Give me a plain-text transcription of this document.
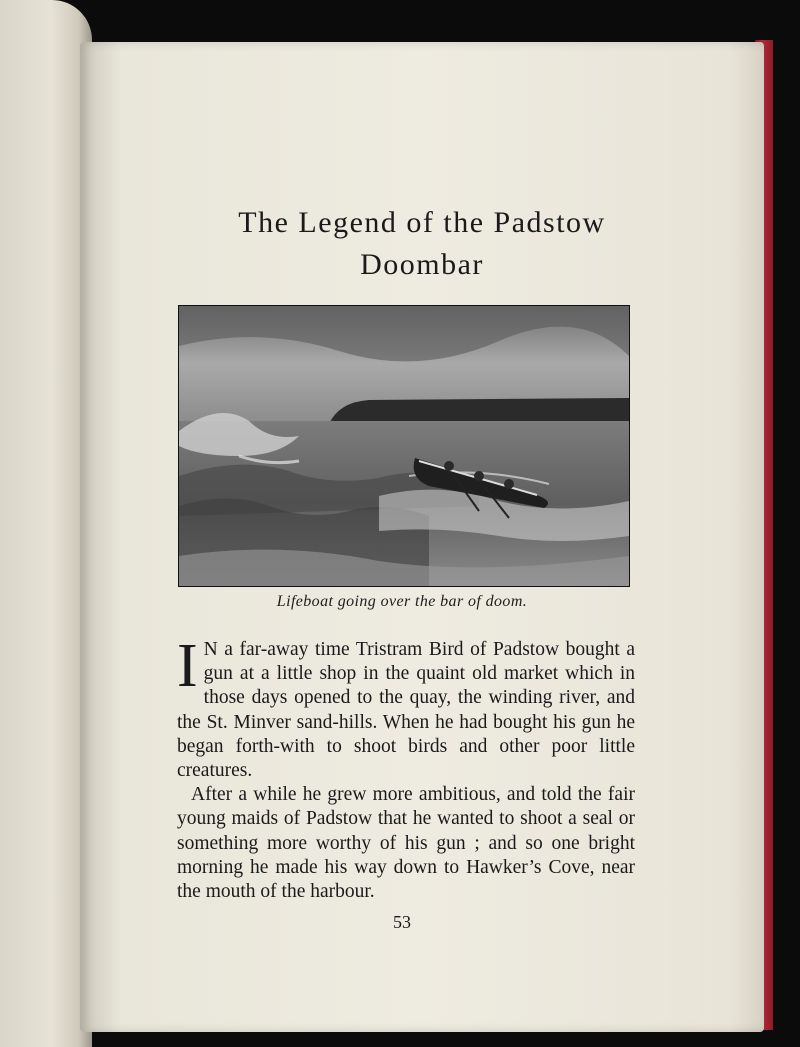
The Legend of the Padstow
Doombar
Lifeboat going over the bar of doom.

I N a far-away time Tristram Bird of Padstow bought a gun at a little shop in the quaint old market which in those days opened to the quay, the winding river, and the St. Minver sand-hills. When he had bought his gun he began forth-with to shoot birds and other poor little creatures.

After a while he grew more ambitious, and told the fair young maids of Padstow that he wanted to shoot a seal or something more worthy of his gun ; and so one bright morning he made his way down to Hawker’s Cove, near the mouth of the harbour.

53
